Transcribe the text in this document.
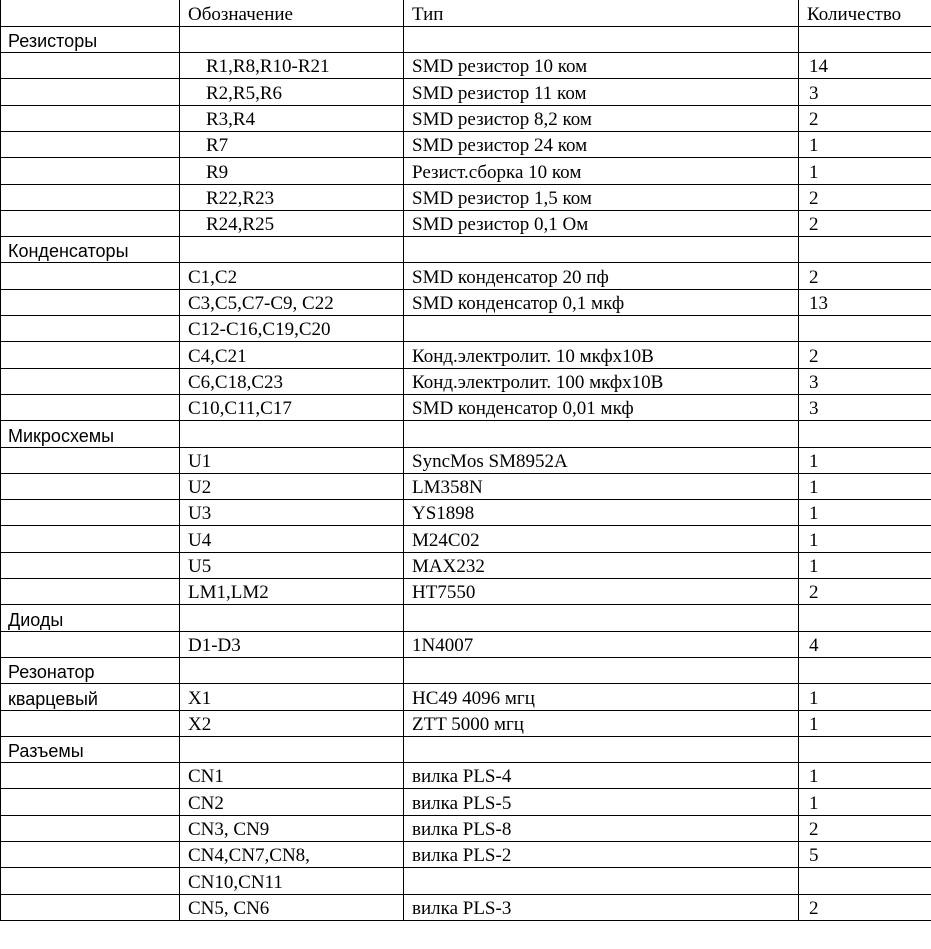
	Обозначение	Тип	Количество
Резисторы			
	R1,R8,R10-R21	SMD резистор 10 ком	14
	R2,R5,R6	SMD резистор 11 ком	3
	R3,R4	SMD резистор 8,2 ком	2
	R7	SMD резистор 24 ком	1
	R9	Резист.сборка 10 ком	1
	R22,R23	SMD резистор 1,5 ком	2
	R24,R25	SMD резистор 0,1 Ом	2
Конденсаторы			
	C1,C2	SMD конденсатор 20 пф	2
	C3,C5,C7-C9, C22	SMD конденсатор 0,1 мкф	13
	C12-C16,C19,C20		
	C4,C21	Конд.электролит. 10 мкфх10В	2
	C6,C18,C23	Конд.электролит. 100 мкфх10В	3
	C10,C11,C17	SMD конденсатор 0,01 мкф	3
Микросхемы			
	U1	SyncMos SM8952A	1
	U2	LM358N	1
	U3	YS1898	1
	U4	M24C02	1
	U5	MAX232	1
	LM1,LM2	HT7550	2
Диоды			
	D1-D3	1N4007	4
Резонатор			
кварцевый	X1	HC49 4096 мгц	1
	X2	ZTT 5000 мгц	1
Разъемы			
	CN1	вилка PLS-4	1
	CN2	вилка PLS-5	1
	CN3, CN9	вилка PLS-8	2
	CN4,CN7,CN8,	вилка PLS-2	5
	CN10,CN11		
	CN5, CN6	вилка PLS-3	2
